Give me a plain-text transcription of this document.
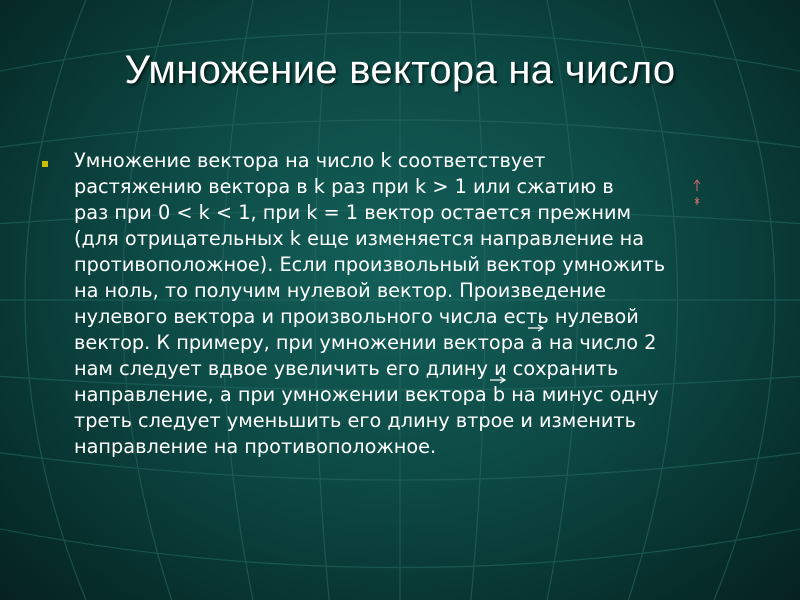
Умножение вектора на число

Умножение вектора на число k соответствует
растяжению вектора в k раз при k > 1 или сжатию в
раз при 0 < k < 1, при k = 1 вектор остается прежним
(для отрицательных k еще изменяется направление на
противоположное). Если произвольный вектор умножить
на ноль, то получим нулевой вектор. Произведение
нулевого вектора и произвольного числа есть нулевой
вектор. К примеру, при умножении вектора
a на число 2
нам следует вдвое увеличить его длину и сохранить
направление, а при умножении вектора
b на минус одну
треть следует уменьшить его длину втрое и изменить
направление на противоположное.
